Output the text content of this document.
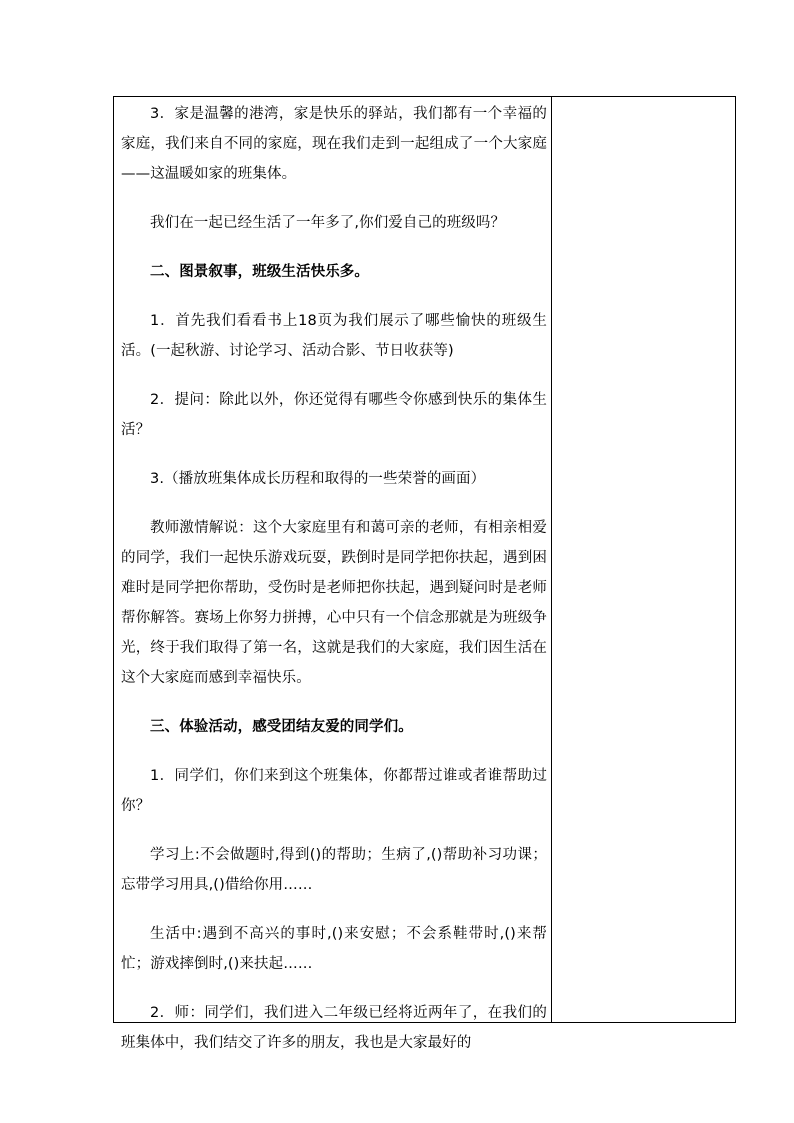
3．家是温馨的港湾，家是快乐的驿站，我们都有一个幸福的家庭，我们来自不同的家庭，现在我们走到一起组成了一个大家庭——这温暖如家的班集体。

我们在一起已经生活了一年多了,你们爱自己的班级吗？

二、图景叙事，班级生活快乐多。

1．首先我们看看书上18页为我们展示了哪些愉快的班级生活。(一起秋游、讨论学习、活动合影、节日收获等)

2．提问：除此以外，你还觉得有哪些令你感到快乐的集体生活？

3.（播放班集体成长历程和取得的一些荣誉的画面）

教师激情解说：这个大家庭里有和蔼可亲的老师，有相亲相爱的同学，我们一起快乐游戏玩耍，跌倒时是同学把你扶起，遇到困难时是同学把你帮助，受伤时是老师把你扶起，遇到疑问时是老师帮你解答。赛场上你努力拼搏，心中只有一个信念那就是为班级争光，终于我们取得了第一名，这就是我们的大家庭，我们因生活在这个大家庭而感到幸福快乐。

三、体验活动，感受团结友爱的同学们。

1．同学们，你们来到这个班集体，你都帮过谁或者谁帮助过你？

学习上:不会做题时,得到()的帮助；生病了,()帮助补习功课；忘带学习用具,()借给你用……

生活中:遇到不高兴的事时,()来安慰；不会系鞋带时,()来帮忙；游戏摔倒时,()来扶起……

2．师：同学们，我们进入二年级已经将近两年了，在我们的班集体中，我们结交了许多的朋友，我也是大家最好的
